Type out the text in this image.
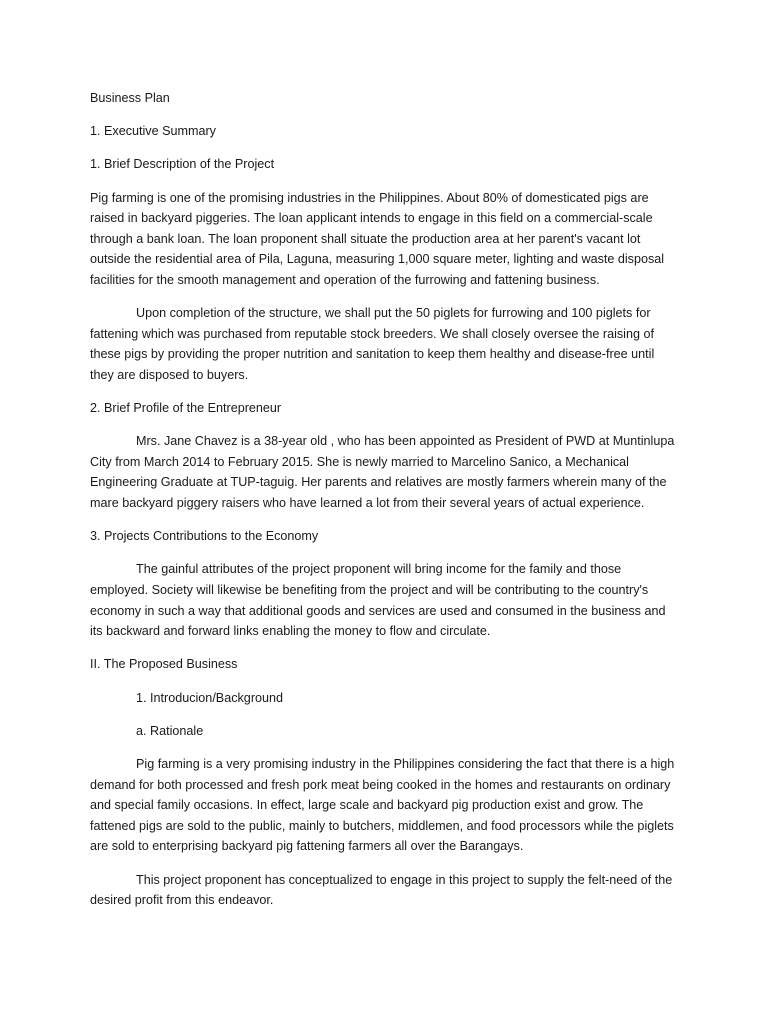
Business Plan

1. Executive Summary

1. Brief Description of the Project

Pig farming is one of the promising industries in the Philippines. About 80% of domesticated pigs are raised in backyard piggeries. The loan applicant intends to engage in this field on a commercial-scale through a bank loan. The loan proponent shall situate the production area at her parent's vacant lot outside the residential area of Pila, Laguna, measuring 1,000 square meter, lighting and waste disposal facilities for the smooth management and operation of the furrowing and fattening business.

Upon completion of the structure, we shall put the 50 piglets for furrowing and 100 piglets for fattening which was purchased from reputable stock breeders. We shall closely oversee the raising of these pigs by providing the proper nutrition and sanitation to keep them healthy and disease-free until they are disposed to buyers.

2. Brief Profile of the Entrepreneur

Mrs. Jane Chavez is a 38-year old , who has been appointed as President of PWD at Muntinlupa City from March 2014 to February 2015. She is newly married to Marcelino Sanico, a Mechanical Engineering Graduate at TUP-taguig. Her parents and relatives are mostly farmers wherein many of the mare backyard piggery raisers who have learned a lot from their several years of actual experience.

3. Projects Contributions to the Economy

The gainful attributes of the project proponent will bring income for the family and those employed. Society will likewise be benefiting from the project and will be contributing to the country's economy in such a way that additional goods and services are used and consumed in the business and its backward and forward links enabling the money to flow and circulate.

II. The Proposed Business

1. Introducion/Background

a. Rationale

Pig farming is a very promising industry in the Philippines considering the fact that there is a high demand for both processed and fresh pork meat being cooked in the homes and restaurants on ordinary and special family occasions. In effect, large scale and backyard pig production exist and grow. The fattened pigs are sold to the public, mainly to butchers, middlemen, and food processors while the piglets are sold to enterprising backyard pig fattening farmers all over the Barangays.

This project proponent has conceptualized to engage in this project to supply the felt-need of the desired profit from this endeavor.
